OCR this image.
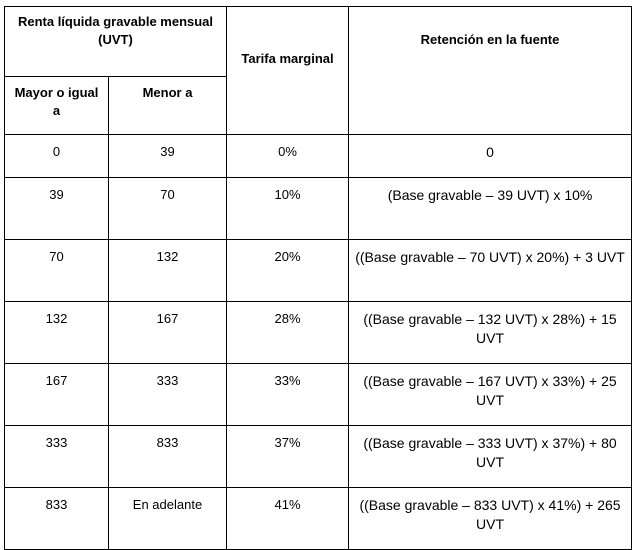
Renta líquida gravable mensual (UVT)		Tarifa marginal	Retención en la fuente
Mayor o igual a	Menor a		
0	39	0%	0
39	70	10%	(Base gravable – 39 UVT) x 10%
70	132	20%	((Base gravable – 70 UVT) x 20%) + 3 UVT
132	167	28%	((Base gravable – 132 UVT) x 28%) + 15 UVT
167	333	33%	((Base gravable – 167 UVT) x 33%) + 25 UVT
333	833	37%	((Base gravable – 333 UVT) x 37%) + 80 UVT
833	En adelante	41%	((Base gravable – 833 UVT) x 41%) + 265 UVT
